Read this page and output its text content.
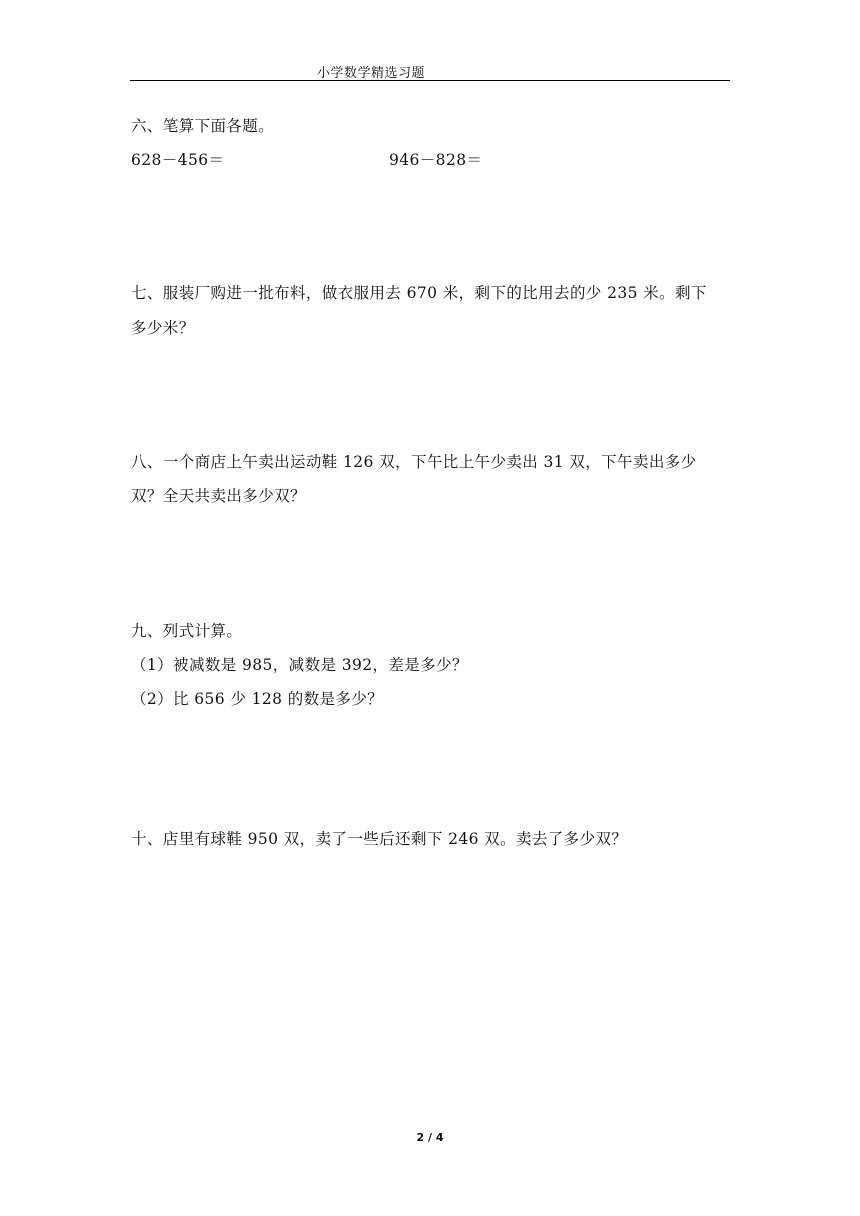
小学数学精选习题
六、笔算下面各题。
628－456＝	946－828＝
七、服装厂购进一批布料，做衣服用去 670 米，剩下的比用去的少 235 米。剩下
多少米？
八、一个商店上午卖出运动鞋 126 双，下午比上午少卖出 31 双，下午卖出多少
双？全天共卖出多少双？
九、列式计算。
（1）被减数是 985，减数是 392，差是多少？
（2）比 656 少 128 的数是多少？
十、店里有球鞋 950 双，卖了一些后还剩下 246 双。卖去了多少双？
2 / 4
